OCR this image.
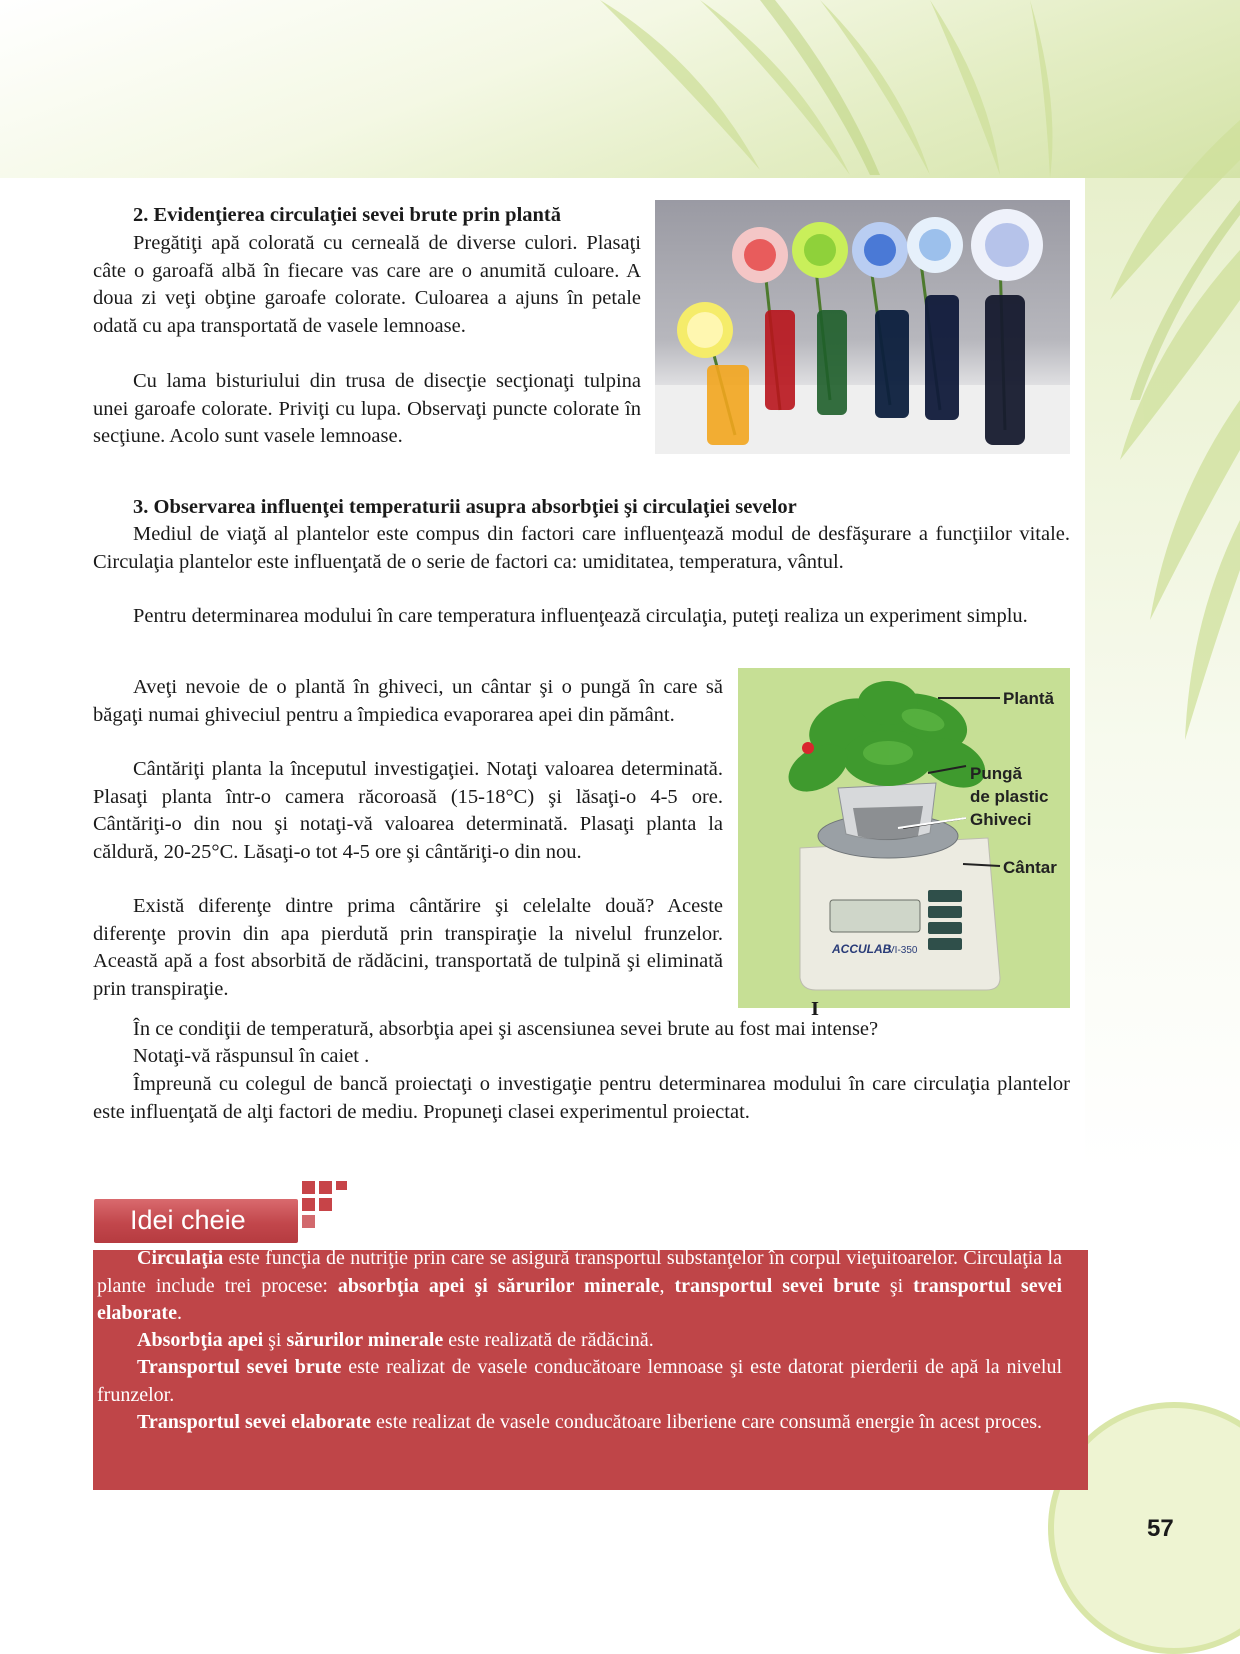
2. Evidenţierea circulaţiei sevei brute prin plantă

Pregătiţi apă colorată cu cerneală de diverse culori. Plasaţi câte o garoafă albă în fiecare vas care are o anumită culoare. A doua zi veţi obţine garoafe colorate. Culoarea a ajuns în petale odată cu apa transportată de vasele lemnoase.

Cu lama bisturiului din trusa de disecţie secţionaţi tulpina unei garoafe colorate. Priviţi cu lupa. Observaţi puncte colorate în secţiune. Acolo sunt vasele lemnoase.

3. Observarea influenţei temperaturii asupra absorbţiei şi circulaţiei sevelor

Mediul de viaţă al plantelor este compus din factori care influenţează modul de desfăşurare a funcţiilor vitale. Circulaţia plantelor este influenţată de o serie de factori ca: umiditatea, temperatura, vântul.

Pentru determinarea modului în care temperatura influenţează circulaţia, puteţi realiza un experiment simplu.

Aveţi nevoie de o plantă în ghiveci, un cântar şi o pungă în care să băgaţi numai ghiveciul pentru a împiedica evaporarea apei din pământ.

Cântăriţi planta la începutul investigaţiei. Notaţi valoarea determinată. Plasaţi planta într-o camera răcoroasă (15-18°C) şi lăsaţi-o 4-5 ore. Cântăriţi-o din nou şi notaţi-vă valoarea determinată. Plasaţi planta la căldură, 20-25°C. Lăsaţi-o tot 4-5 ore şi cântăriţi-o din nou.

Există diferenţe dintre prima cântărire şi celelalte două? Aceste diferenţe provin din apa pierdută prin transpiraţie la nivelul frunzelor. Această apă a fost absorbită de rădăcini, transportată de tulpină şi eliminată prin transpiraţie.

ACCULAB
VI-350
Plantă
Pungă
de plastic
Ghiveci
Cântar
I

În ce condiţii de temperatură, absorbţia apei şi ascensiunea sevei brute au fost mai intense?

Notaţi-vă răspunsul în caiet .

Împreună cu colegul de bancă proiectaţi o investigaţie pentru determinarea modului în care circulaţia plantelor este influenţată de alţi factori de mediu. Propuneţi clasei experimentul proiectat.

Idei cheie

Circulaţia este funcţia de nutriţie prin care se asigură transportul substanţelor în corpul vieţuitoarelor. Circulaţia la plante include trei procese: absorbţia apei şi sărurilor minerale, transportul sevei brute şi transportul sevei elaborate.

Absorbţia apei şi sărurilor minerale este realizată de rădăcină.

Transportul sevei brute este realizat de vasele conducătoare lemnoase şi este datorat pierderii de apă la nivelul frunzelor.

Transportul sevei elaborate este realizat de vasele conducătoare liberiene care consumă energie în acest proces.

57
